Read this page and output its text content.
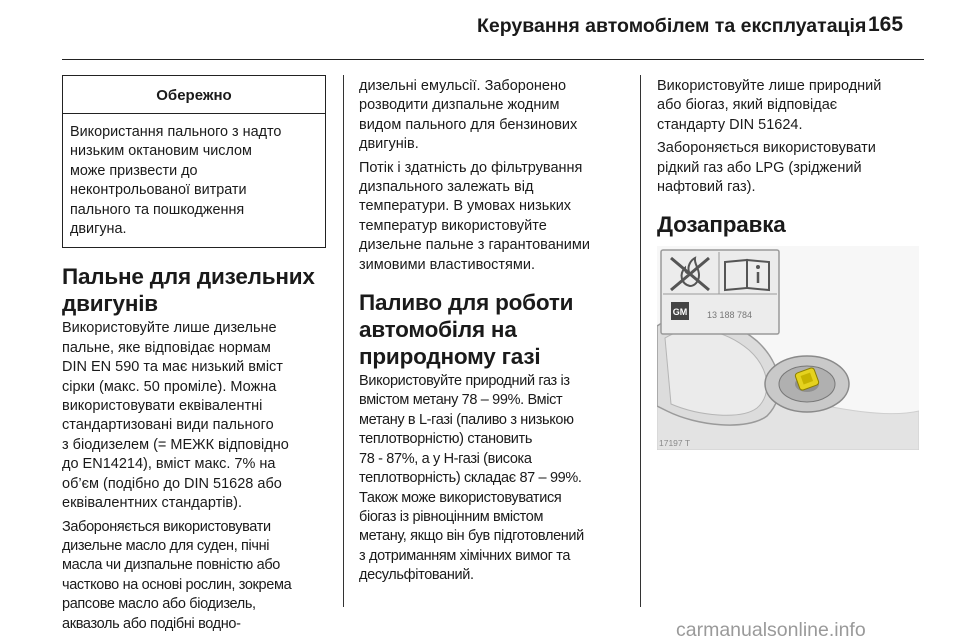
Керування автомобілем та експлуатація 165
Обережно
Використання пального з надто
низьким октановим числом
може призвести до
неконтрольованої витрати
пального та пошкодження
двигуна.
Пальне для дизельних
двигунів

Використовуйте лише дизельне
пальне, яке відповідає нормам
DIN EN 590 та має низький вміст
сірки (макс. 50 проміле). Можна
використовувати еквівалентні
стандартизовані види пального
з біодизелем (= МЕЖК відповідно
до EN14214), вміст макс. 7% на
об’єм (подібно до DIN 51628 або
еквівалентних стандартів).

Забороняється використовувати
дизельне масло для суден, пічні
масла чи дизпальне повністю або
частково на основі рослин, зокрема
рапсове масло або біодизель,
аквазоль або подібні водно-

дизельні емульсії. Заборонено
розводити дизпальне жодним
видом пального для бензинових
двигунів.

Потік і здатність до фільтрування
дизпального залежать від
температури. В умовах низьких
температур використовуйте
дизельне пальне з гарантованими
зимовими властивостями.

Паливо для роботи
автомобіля на
природному газі

Використовуйте природний газ із
вмістом метану 78 – 99%. Вміст
метану в L-газі (паливо з низькою
теплотворністю) становить
78 - 87%, а у H-газі (висока
теплотворність) складає 87 – 99%.
Також може використовуватися
біогаз із рівноцінним вмістом
метану, якщо він був підготовлений
з дотриманням хімічних вимог та
десульфітований.

Використовуйте лише природний
або біогаз, який відповідає
стандарту DIN 51624.

Забороняється використовувати
рідкий газ або LPG (зріджений
нафтовий газ).

Дозаправка
GM 13 188 784
17197 T
carmanualsonline.info
